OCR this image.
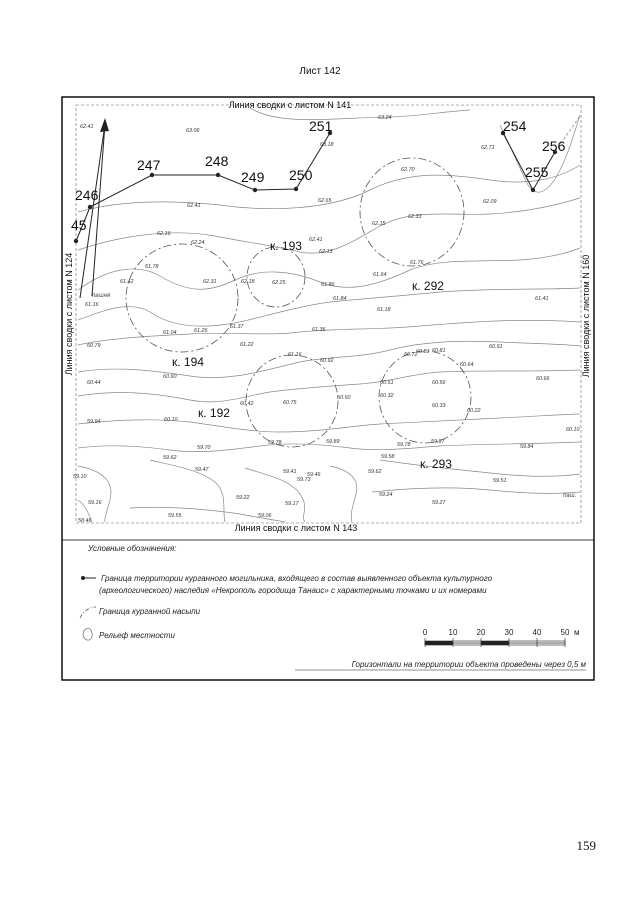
Лист 142
45
246
247	248
249 250
251	254
255
256
к. 193
к. 292
к. 194
к. 192
к. 293
62.41
63.06
63.24
63.18	62.71
62.70
62.41
62.65	62.09
62.33
62.15
62.16
62.24	62.41
62.13
61.76
61.78
62.31	62.18	62.25	61.86
61.64
61.41
61.42
61.84
61.18
61.16
61.04	61.26
61.37	61.36
60.79	61.22
61.16
60.92
60.72
60.81
60.91
60.81
60.64
60.60
60.44	60.51	60.56
60.66
60.42	60.75
60.50	60.32
60.33
59.94	60.10
60.22
60.10
59.78	59.89	59.78	59.87
59.84
59.70
59.62	59.58
59.47	59.41 59.46	59.62
59.73
59.10
59.51
59.22
59.17
59.24
59.27
59.16
59.55	59.06
58.46
пашня
паш.
Линия сводки с листом N 141
Линия сводки с листом N 143
Линия сводки с листом N 124	Линия сводки с листом N 160
Условные обозначения:
Граница территории курганного могильника, входящего в состав выявленного объекта культурного
(археологического) наследия «Некрополь городища Танаис» с характерными точками и их номерами
Граница курганной насыпи
Рельеф местности	0	10 20 30 40 50 м
Горизонтали на территории объекта проведены через 0,5 м
159
